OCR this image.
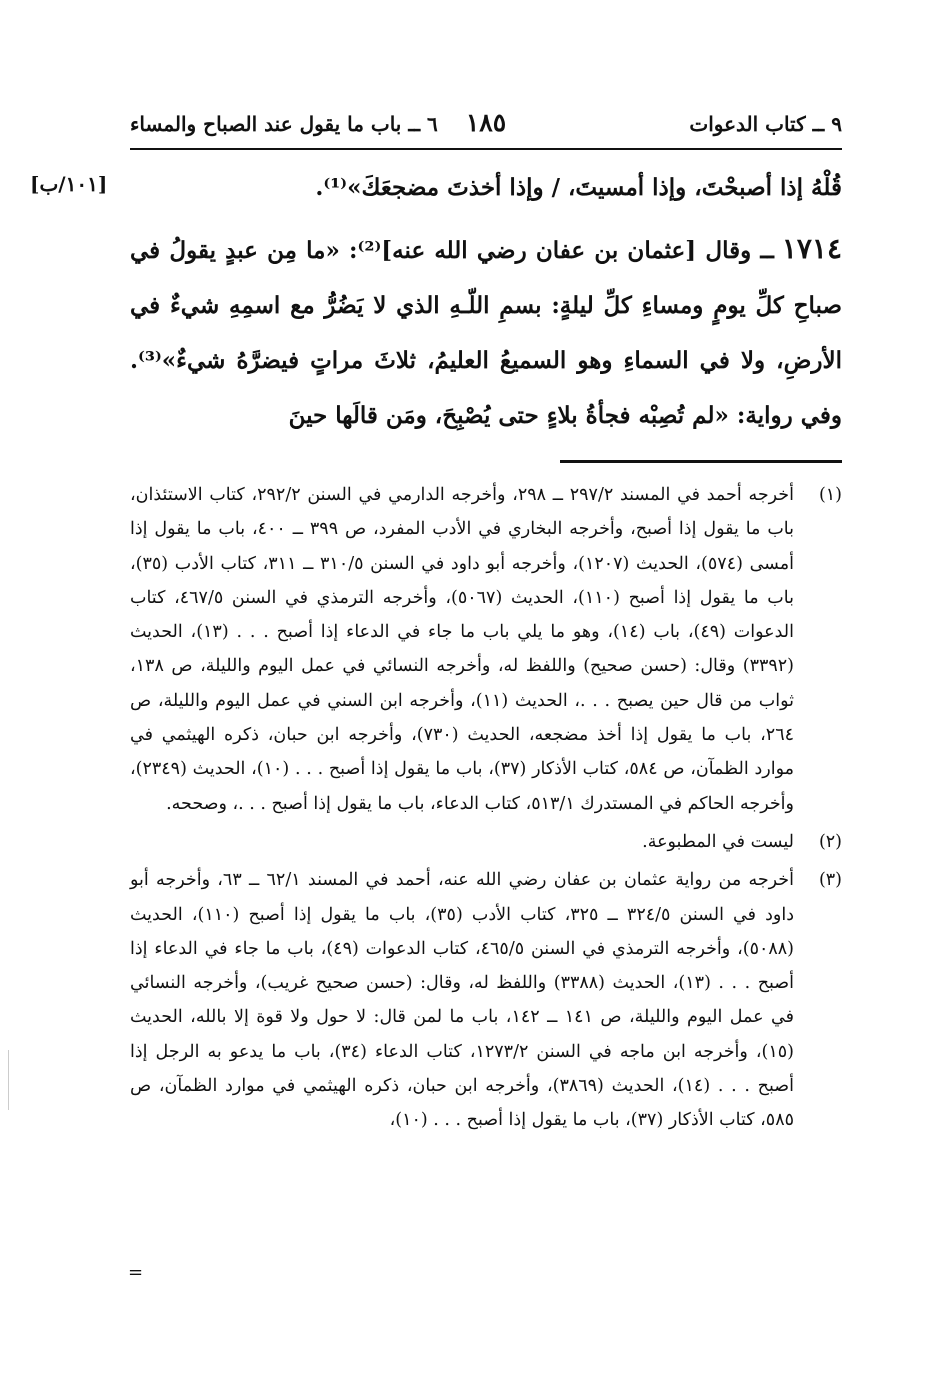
٩ ــ كتاب الدعوات
١٨٥
٦ ــ باب ما يقول عند الصباح والمساء
[١٠١/ب]	قُلْهُ إذا أصبحْتَ، وإذا أمسيتَ، / وإذا أخذتَ مضجعَكَ»⁽¹⁾.

١٧١٤ــ وقال [عثمان بن عفان رضي الله عنه]⁽²⁾: «ما مِن عبدٍ يقولُ في صباحِ كلِّ يومٍ ومساءِ كلِّ ليلةٍ: بسمِ اللّـهِ الذي لا يَضُرُّ مع اسمِهِ شيءٌ في الأرضِ، ولا في السماءِ وهو السميعُ العليمُ، ثلاثَ مراتٍ فيضرَّهُ شيءٌ»⁽³⁾. وفي رواية: «لم تُصِبْه فجأةُ بلاءٍ حتى يُصْبِحَ، ومَن قالَها حينَ

(١)
أخرجه أحمد في المسند ٢٩٧/٢ ــ ٢٩٨، وأخرجه الدارمي في السنن ٢٩٢/٢، كتاب الاستئذان، باب ما يقول إذا أصبح، وأخرجه البخاري في الأدب المفرد، ص ٣٩٩ ــ ٤٠٠، باب ما يقول إذا أمسى (٥٧٤)، الحديث (١٢٠٧)، وأخرجه أبو داود في السنن ٣١٠/٥ ــ ٣١١، كتاب الأدب (٣٥)، باب ما يقول إذا أصبح (١١٠)، الحديث (٥٠٦٧)، وأخرجه الترمذي في السنن ٤٦٧/٥، كتاب الدعوات (٤٩)، باب (١٤)، وهو ما يلي باب ما جاء في الدعاء إذا أصبح . . . (١٣)، الحديث (٣٣٩٢) وقال: (حسن صحيح) واللفظ له، وأخرجه النسائي في عمل اليوم والليلة، ص ١٣٨، ثواب من قال حين يصبح . . .، الحديث (١١)، وأخرجه ابن السني في عمل اليوم والليلة، ص ٢٦٤، باب ما يقول إذا أخذ مضجعه، الحديث (٧٣٠)، وأخرجه ابن حبان، ذكره الهيثمي في موارد الظمآن، ص ٥٨٤، كتاب الأذكار (٣٧)، باب ما يقول إذا أصبح . . . (١٠)، الحديث (٢٣٤٩)، وأخرجه الحاكم في المستدرك ٥١٣/١، كتاب الدعاء، باب ما يقول إذا أصبح . . .، وصححه.
(٢)
ليست في المطبوعة.
(٣)
أخرجه من رواية عثمان بن عفان رضي الله عنه، أحمد في المسند ٦٢/١ ــ ٦٣، وأخرجه أبو داود في السنن ٣٢٤/٥ ــ ٣٢٥، كتاب الأدب (٣٥)، باب ما يقول إذا أصبح (١١٠)، الحديث (٥٠٨٨)، وأخرجه الترمذي في السنن ٤٦٥/٥، كتاب الدعوات (٤٩)، باب ما جاء في الدعاء إذا أصبح . . . (١٣)، الحديث (٣٣٨٨) واللفظ له، وقال: (حسن صحيح غريب)، وأخرجه النسائي في عمل اليوم والليلة، ص ١٤١ ــ ١٤٢، باب ما لمن قال: لا حول ولا قوة إلا بالله، الحديث (١٥)، وأخرجه ابن ماجه في السنن ١٢٧٣/٢، كتاب الدعاء (٣٤)، باب ما يدعو به الرجل إذا أصبح . . . (١٤)، الحديث (٣٨٦٩)، وأخرجه ابن حبان، ذكره الهيثمي في موارد الظمآن، ص ٥٨٥، كتاب الأذكار (٣٧)، باب ما يقول إذا أصبح . . . (١٠)،
=
